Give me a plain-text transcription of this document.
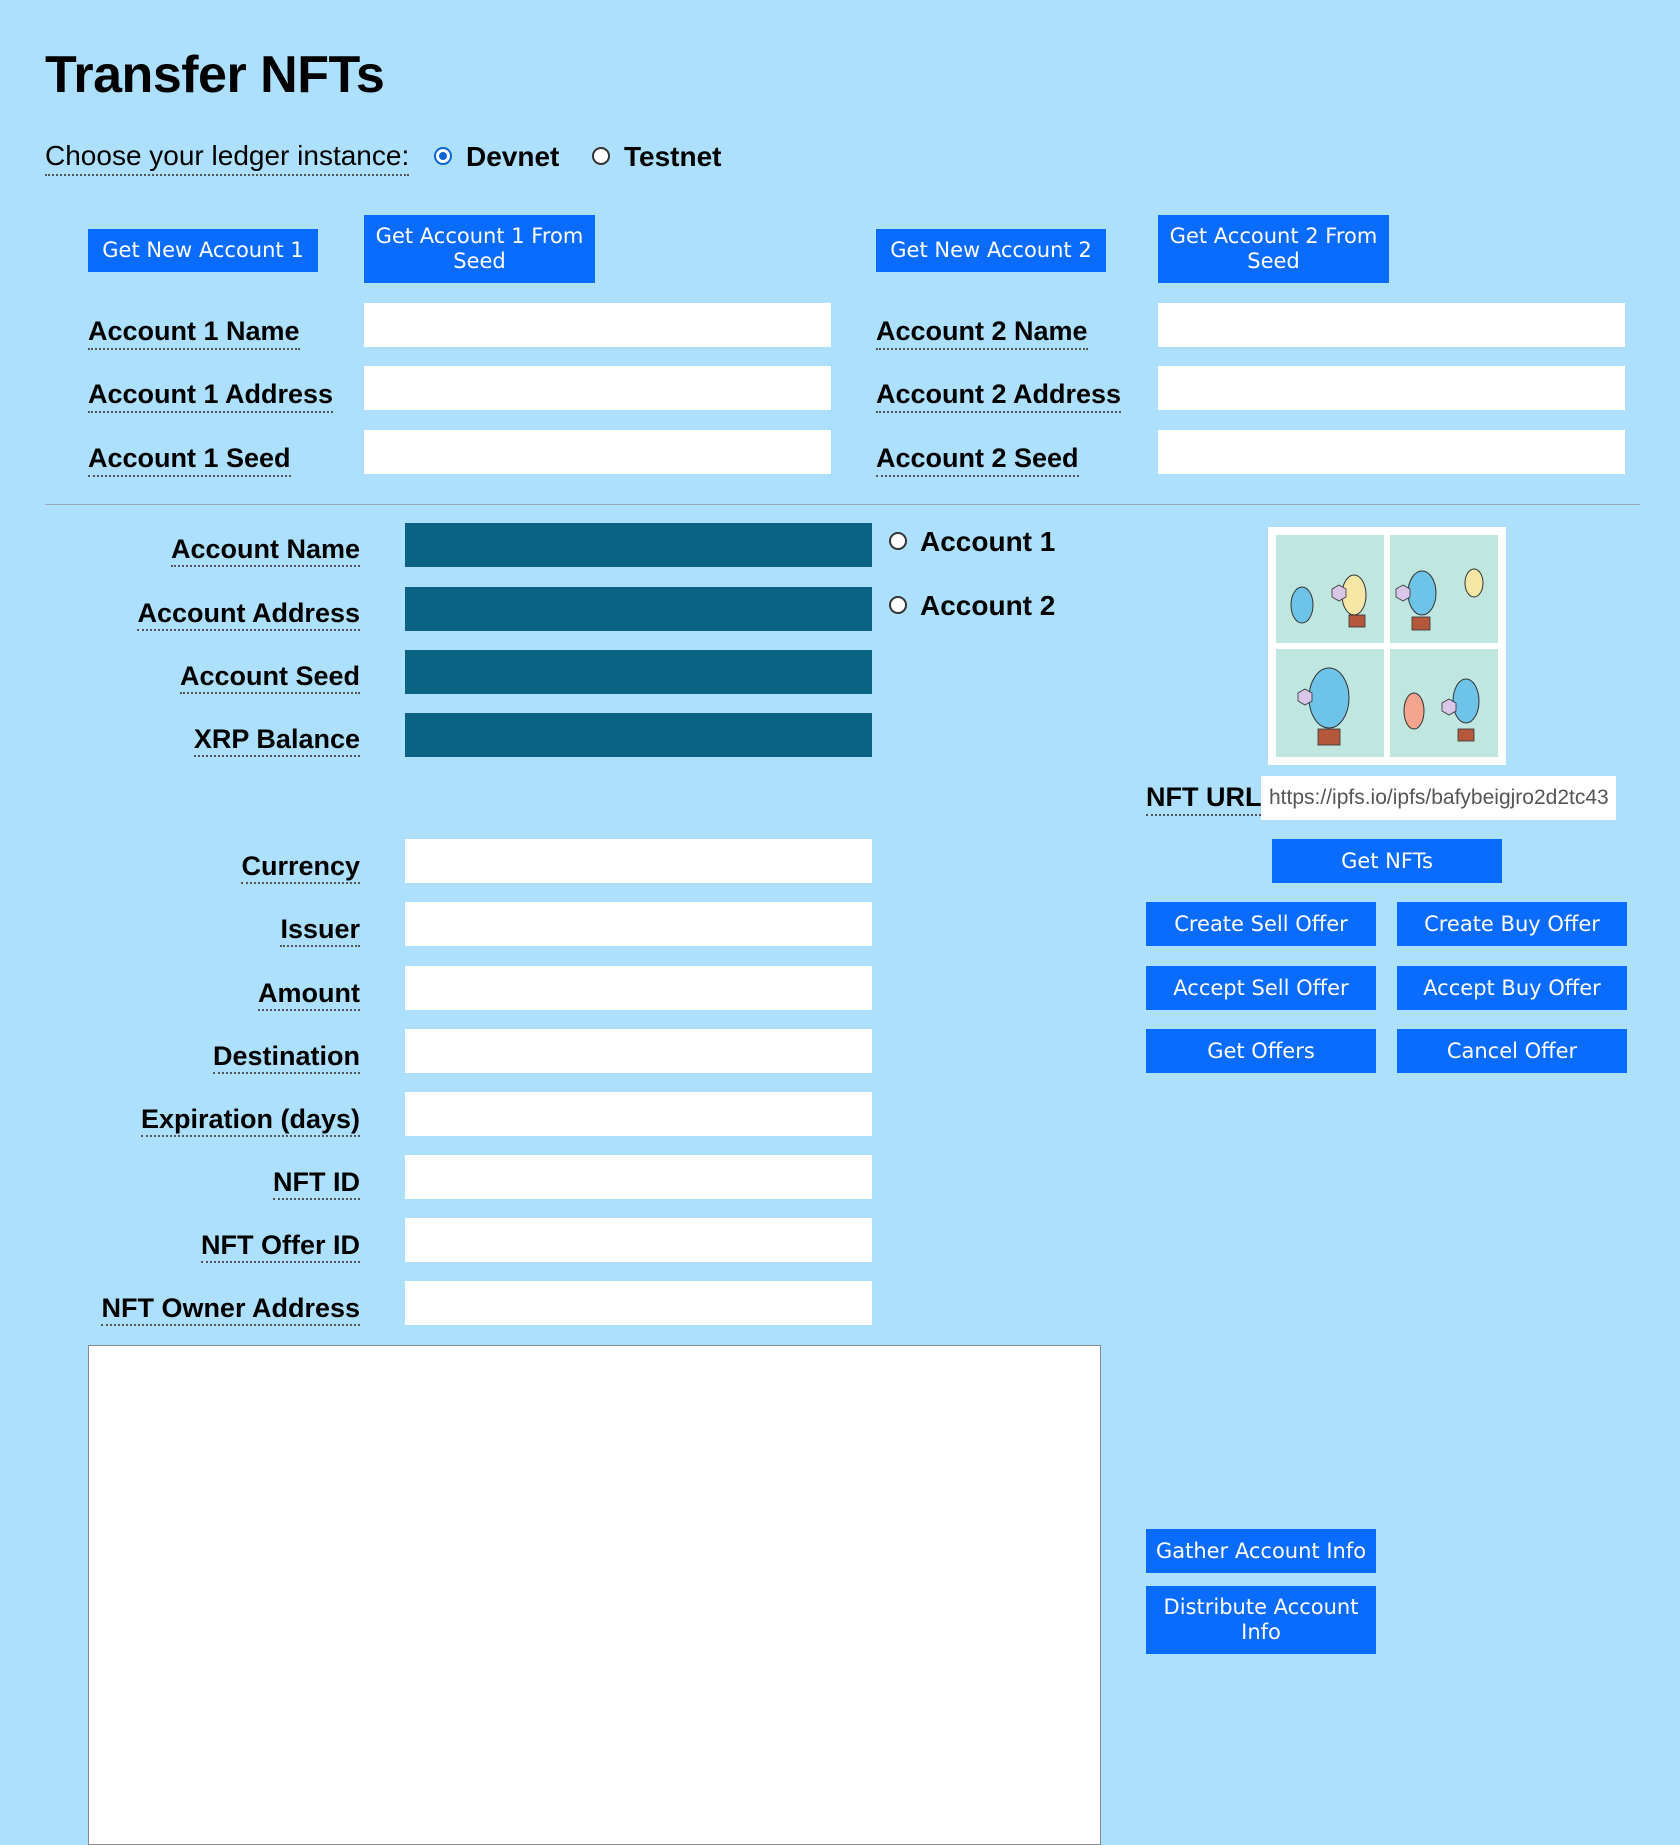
Transfer NFTs
Choose your ledger instance: Devnet Testnet
Get New Account 1
Get Account 1 From Seed
Account 1 Name
Account 1 Address
Account 1 Seed
Get New Account 2
Get Account 2 From Seed
Account 2 Name
Account 2 Address
Account 2 Seed
Account Name
Account Address
Account Seed
XRP Balance
Account 1
Account 2
Currency
Issuer
Amount
Destination
Expiration (days)
NFT ID
NFT Offer ID
NFT Owner Address
NFT URL
https://ipfs.io/ipfs/bafybeigjro2d2tc43
Get NFTs
Create Sell Offer	Create Buy Offer
Accept Sell Offer	Accept Buy Offer
Get Offers	Cancel Offer
Gather Account Info
Distribute Account Info
